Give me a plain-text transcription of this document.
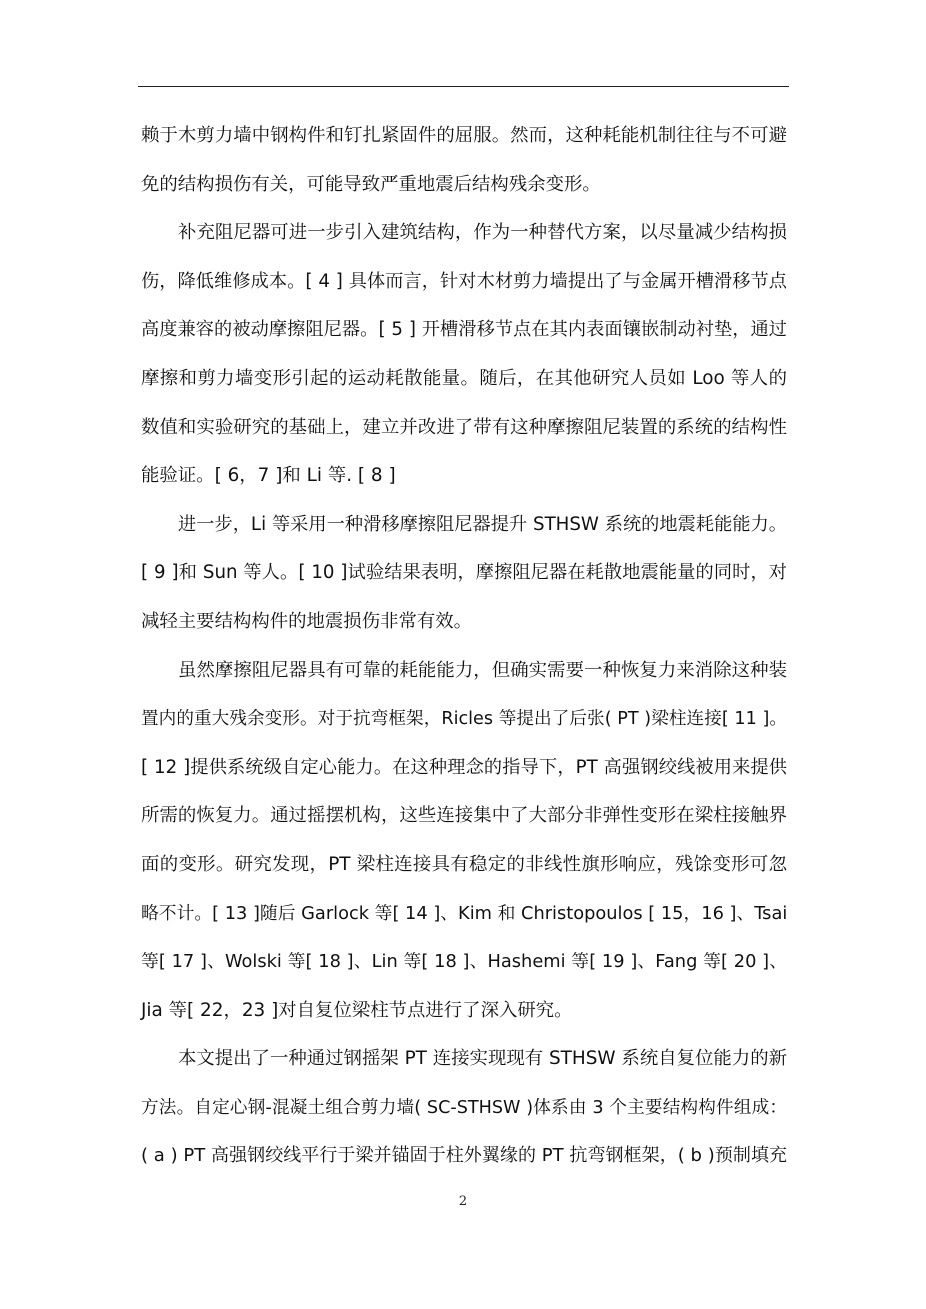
赖于木剪力墙中钢构件和钉扎紧固件的屈服。然而，这种耗能机制往往与不可避
免的结构损伤有关，可能导致严重地震后结构残余变形。
补充阻尼器可进一步引入建筑结构，作为一种替代方案，以尽量减少结构损
伤，降低维修成本。[ 4 ] 具体而言，针对木材剪力墙提出了与金属开槽滑移节点
高度兼容的被动摩擦阻尼器。[ 5 ] 开槽滑移节点在其内表面镶嵌制动衬垫，通过
摩擦和剪力墙变形引起的运动耗散能量。随后，在其他研究人员如 Loo 等人的
数值和实验研究的基础上，建立并改进了带有这种摩擦阻尼装置的系统的结构性
能验证。[ 6，7 ]和 Li 等. [ 8 ]
进一步，Li 等采用一种滑移摩擦阻尼器提升 STHSW 系统的地震耗能能力。
[ 9 ]和 Sun 等人。[ 10 ]试验结果表明，摩擦阻尼器在耗散地震能量的同时，对
减轻主要结构构件的地震损伤非常有效。
虽然摩擦阻尼器具有可靠的耗能能力，但确实需要一种恢复力来消除这种装
置内的重大残余变形。对于抗弯框架，Ricles 等提出了后张( PT )梁柱连接[ 11 ]。
[ 12 ]提供系统级自定心能力。在这种理念的指导下，PT 高强钢绞线被用来提供
所需的恢复力。通过摇摆机构，这些连接集中了大部分非弹性变形在梁柱接触界
面的变形。研究发现，PT 梁柱连接具有稳定的非线性旗形响应，残馀变形可忽
略不计。[ 13 ]随后 Garlock 等[ 14 ]、Kim 和 Christopoulos [ 15，16 ]、Tsai
等[ 17 ]、Wolski 等[ 18 ]、Lin 等[ 18 ]、Hashemi 等[ 19 ]、Fang 等[ 20 ]、
Jia 等[ 22，23 ]对自复位梁柱节点进行了深入研究。
本文提出了一种通过钢摇架 PT 连接实现现有 STHSW 系统自复位能力的新
方法。自定心钢-混凝土组合剪力墙( SC-STHSW )体系由 3 个主要结构构件组成：
( a ) PT 高强钢绞线平行于梁并锚固于柱外翼缘的 PT 抗弯钢框架，( b )预制填充
2
